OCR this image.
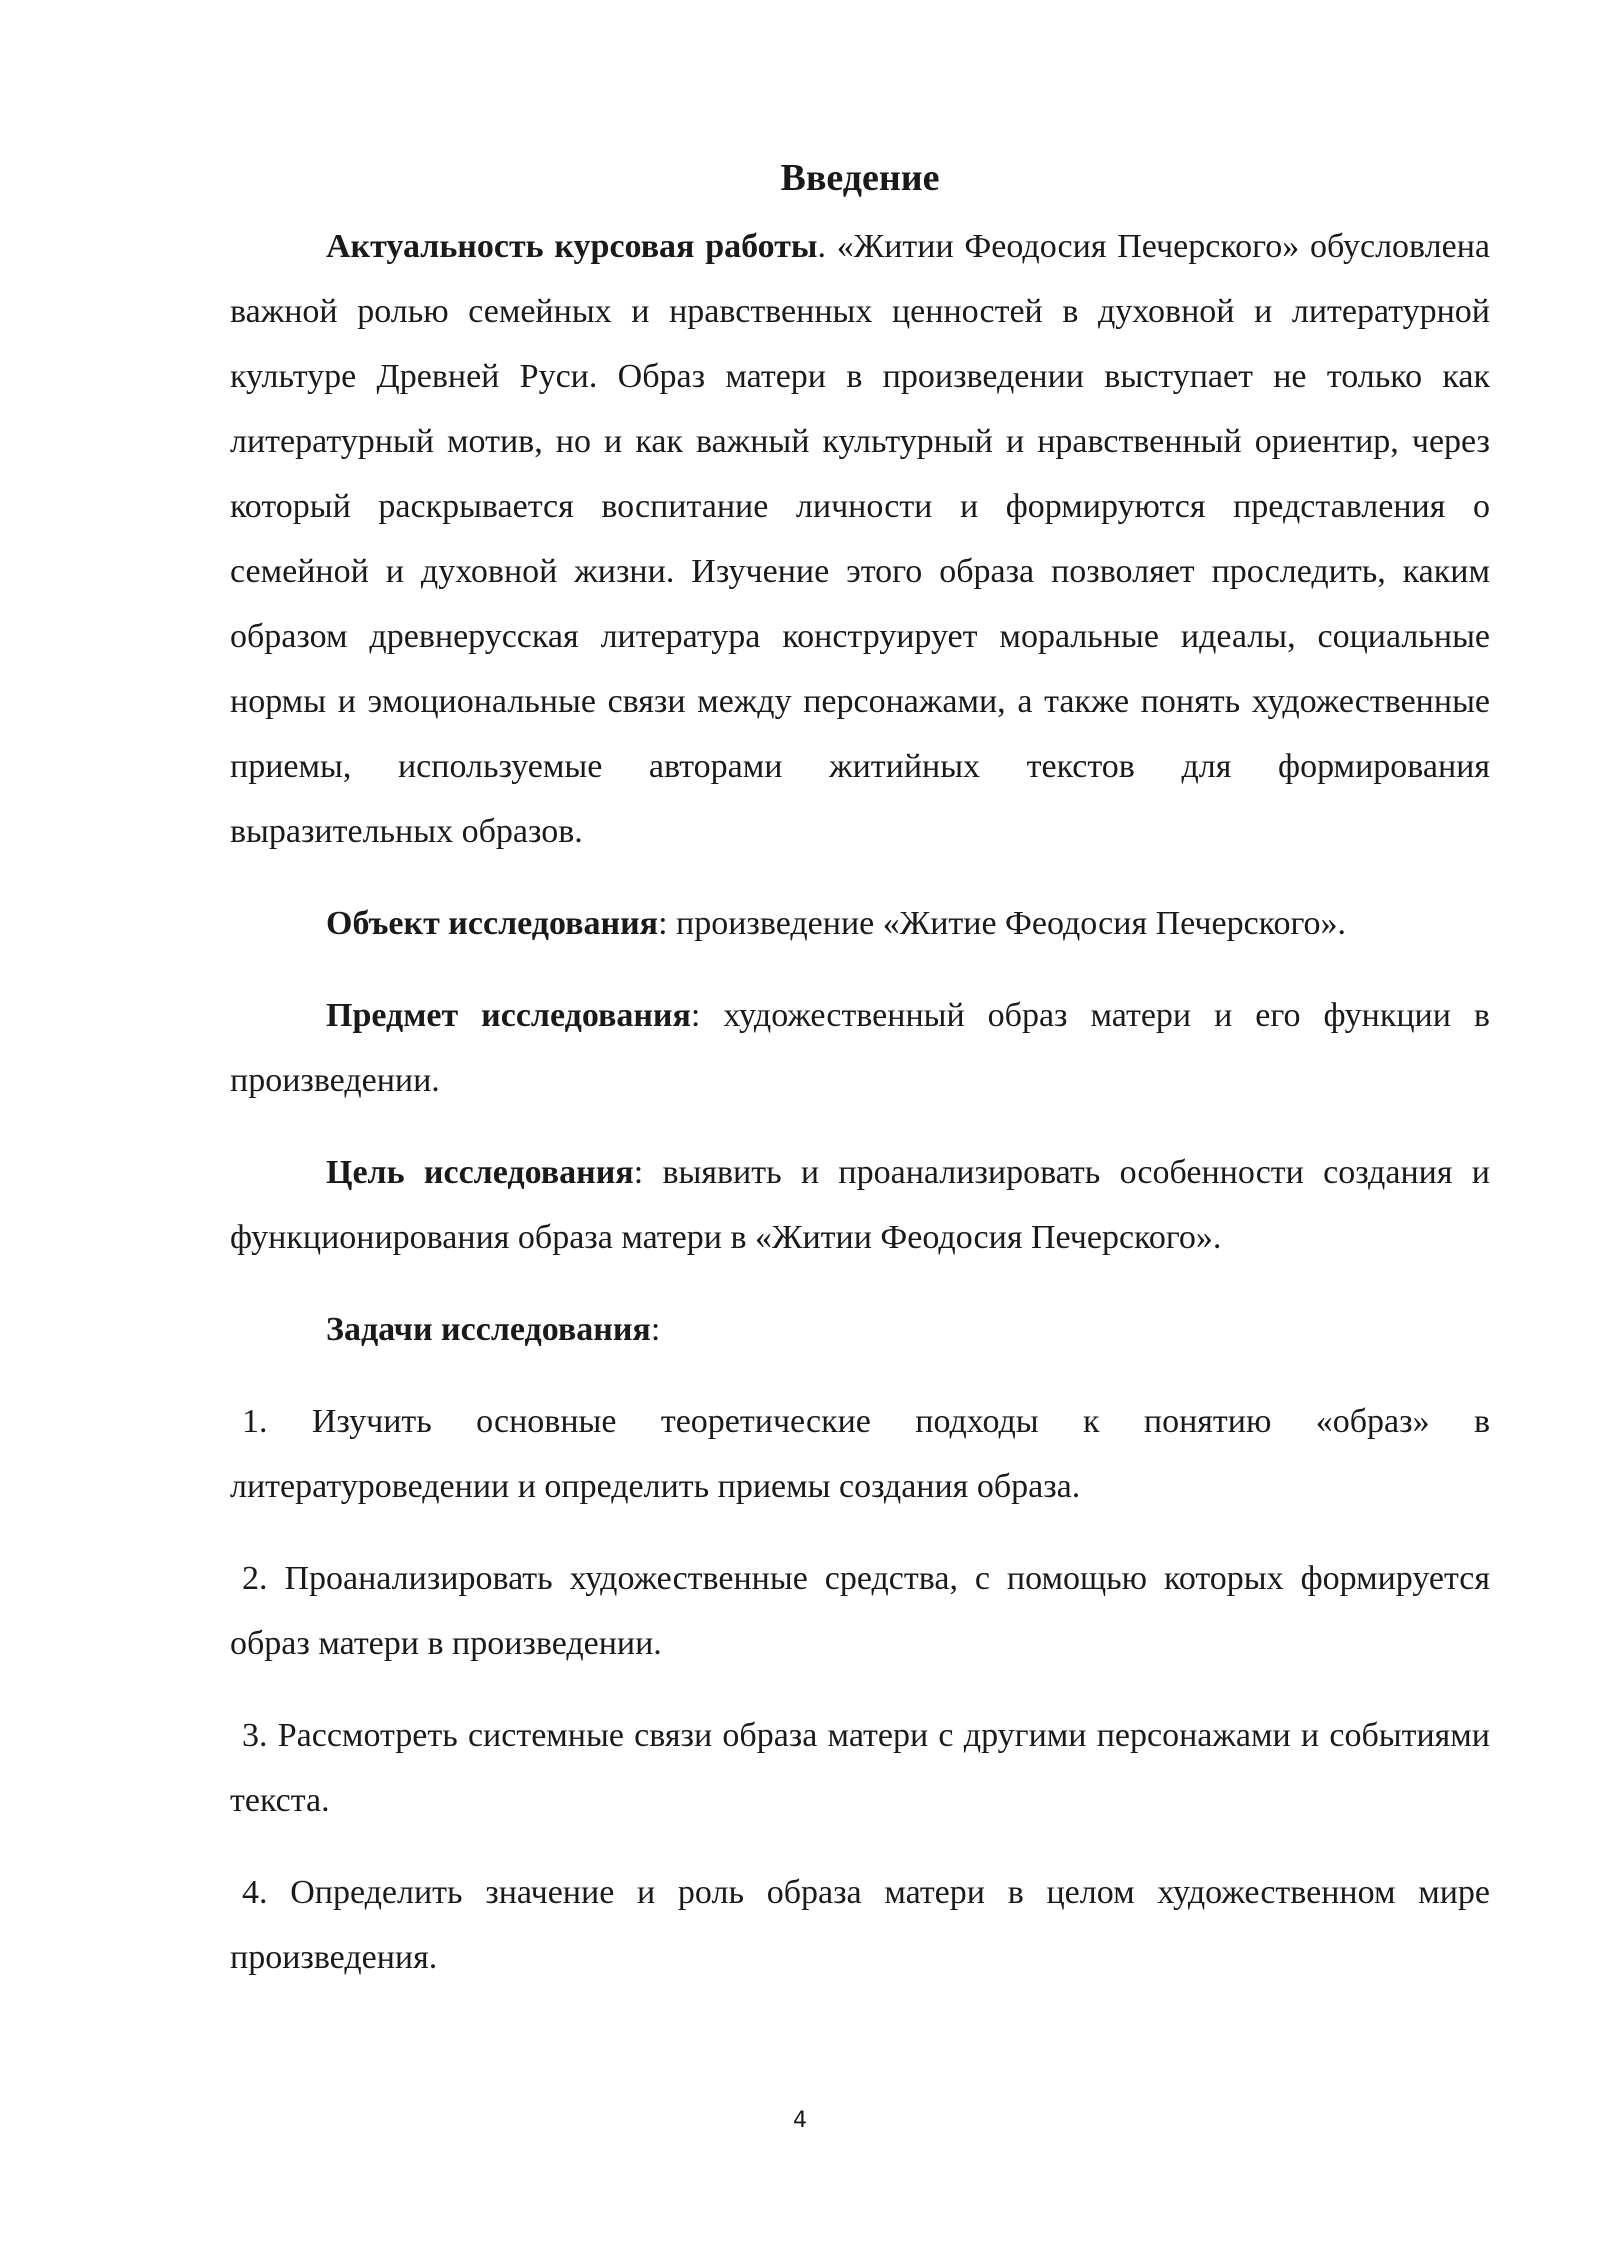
Введение

Актуальность курсовая работы. «Житии Феодосия Печерского» обусловлена важной ролью семейных и нравственных ценностей в духовной и литературной культуре Древней Руси. Образ матери в произведении выступает не только как литературный мотив, но и как важный культурный и нравственный ориентир, через который раскрывается воспитание личности и формируются представления о семейной и духовной жизни. Изучение этого образа позволяет проследить, каким образом древнерусская литература конструирует моральные идеалы, социальные нормы и эмоциональные связи между персонажами, а также понять художественные приемы, используемые авторами житийных текстов для формирования выразительных образов.

Объект исследования: произведение «Житие Феодосия Печерского».

Предмет исследования: художественный образ матери и его функции в произведении.

Цель исследования: выявить и проанализировать особенности создания и функционирования образа матери в «Житии Феодосия Печерского».

Задачи исследования:

1. Изучить основные теоретические подходы к понятию «образ» в литературоведении и определить приемы создания образа.

2. Проанализировать художественные средства, с помощью которых формируется образ матери в произведении.

3. Рассмотреть системные связи образа матери с другими персонажами и событиями текста.

4. Определить значение и роль образа матери в целом художественном мире произведения.

4
